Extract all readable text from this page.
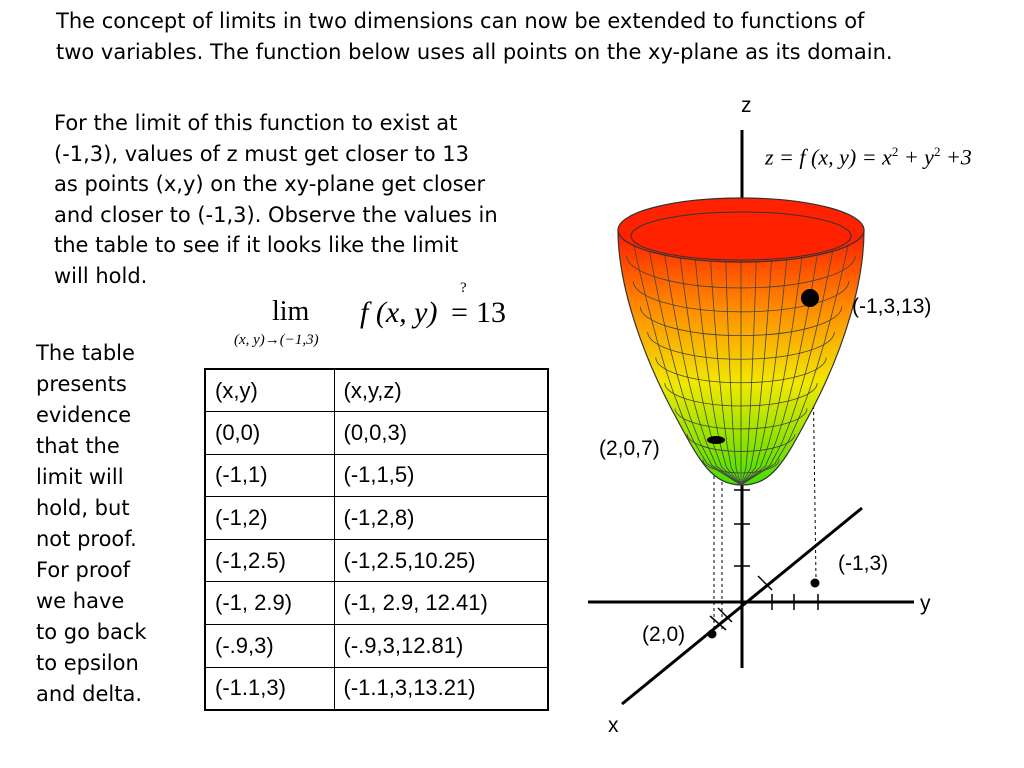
The concept of limits in two dimensions can now be extended to functions of
two variables. The function below uses all points on the xy-plane as its domain.
For the limit of this function to exist at
(-1,3), values of z must get closer to 13
as points (x,y) on the xy-plane get closer
and closer to (-1,3). Observe the values in
the table to see if it looks like the limit
will hold.
The table
presents
evidence
that the
limit will
hold, but
not proof.
For proof
we have
to go back
to epsilon
and delta.
lim
(x, y)→(−1,3)
f (x, y)
?
= 13
(x,y)	(x,y,z)
(0,0)	(0,0,3)
(-1,1)	(-1,1,5)
(-1,2)	(-1,2,8)
(-1,2.5)	(-1,2.5,10.25)
(-1, 2.9)	(-1, 2.9, 12.41)
(-.9,3)	(-.9,3,12.81)
(-1.1,3)	(-1.1,3,13.21)
z = f (x, $y) = x^2 + y^2 +3$
z
y
x
(-1,3,13)
(2,0,7)
(-1,3)
(2,0)
